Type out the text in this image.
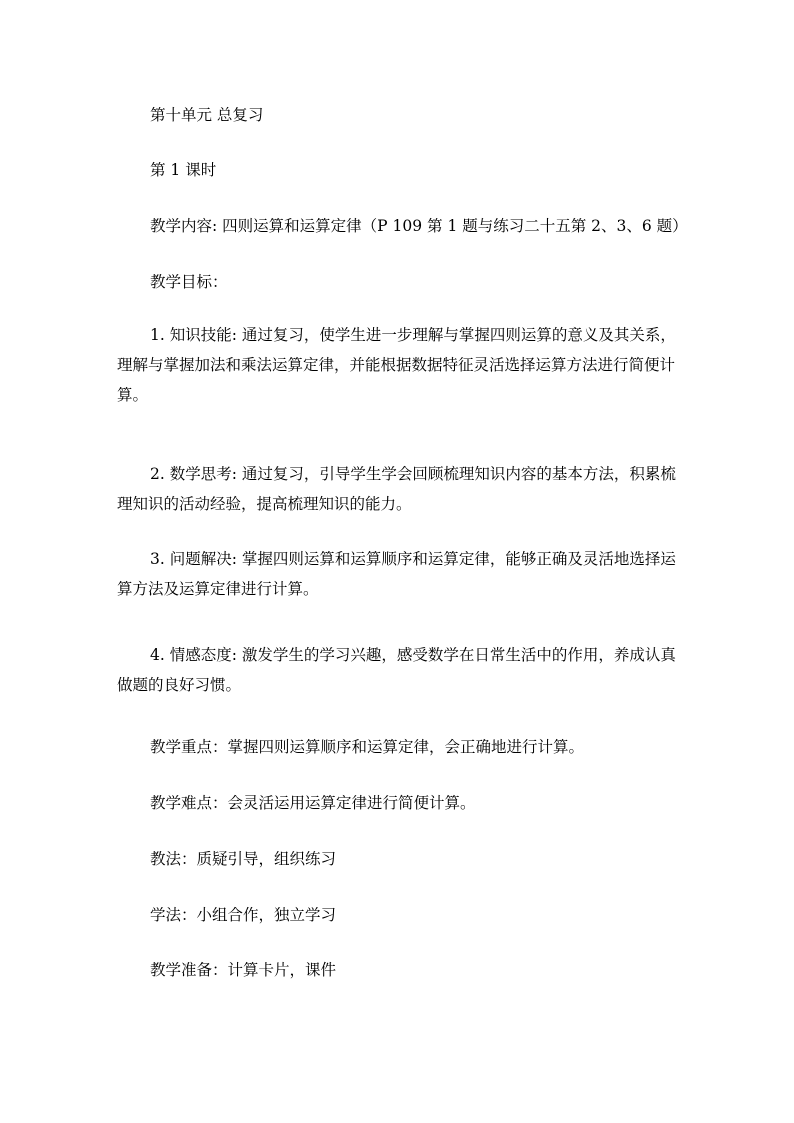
第十单元 总复习

第 1 课时

教学内容: 四则运算和运算定律（P 109 第 1 题与练习二十五第 2、3、6 题）

教学目标：

1. 知识技能: 通过复习，使学生进一步理解与掌握四则运算的意义及其关系，理解与掌握加法和乘法运算定律，并能根据数据特征灵活选择运算方法进行简便计算。

2. 数学思考: 通过复习，引导学生学会回顾梳理知识内容的基本方法，积累梳理知识的活动经验，提高梳理知识的能力。

3. 问题解决: 掌握四则运算和运算顺序和运算定律，能够正确及灵活地选择运算方法及运算定律进行计算。

4. 情感态度: 激发学生的学习兴趣，感受数学在日常生活中的作用，养成认真做题的良好习惯。

教学重点：掌握四则运算顺序和运算定律，会正确地进行计算。

教学难点：会灵活运用运算定律进行简便计算。

教法：质疑引导，组织练习

学法：小组合作，独立学习

教学准备：计算卡片，课件
